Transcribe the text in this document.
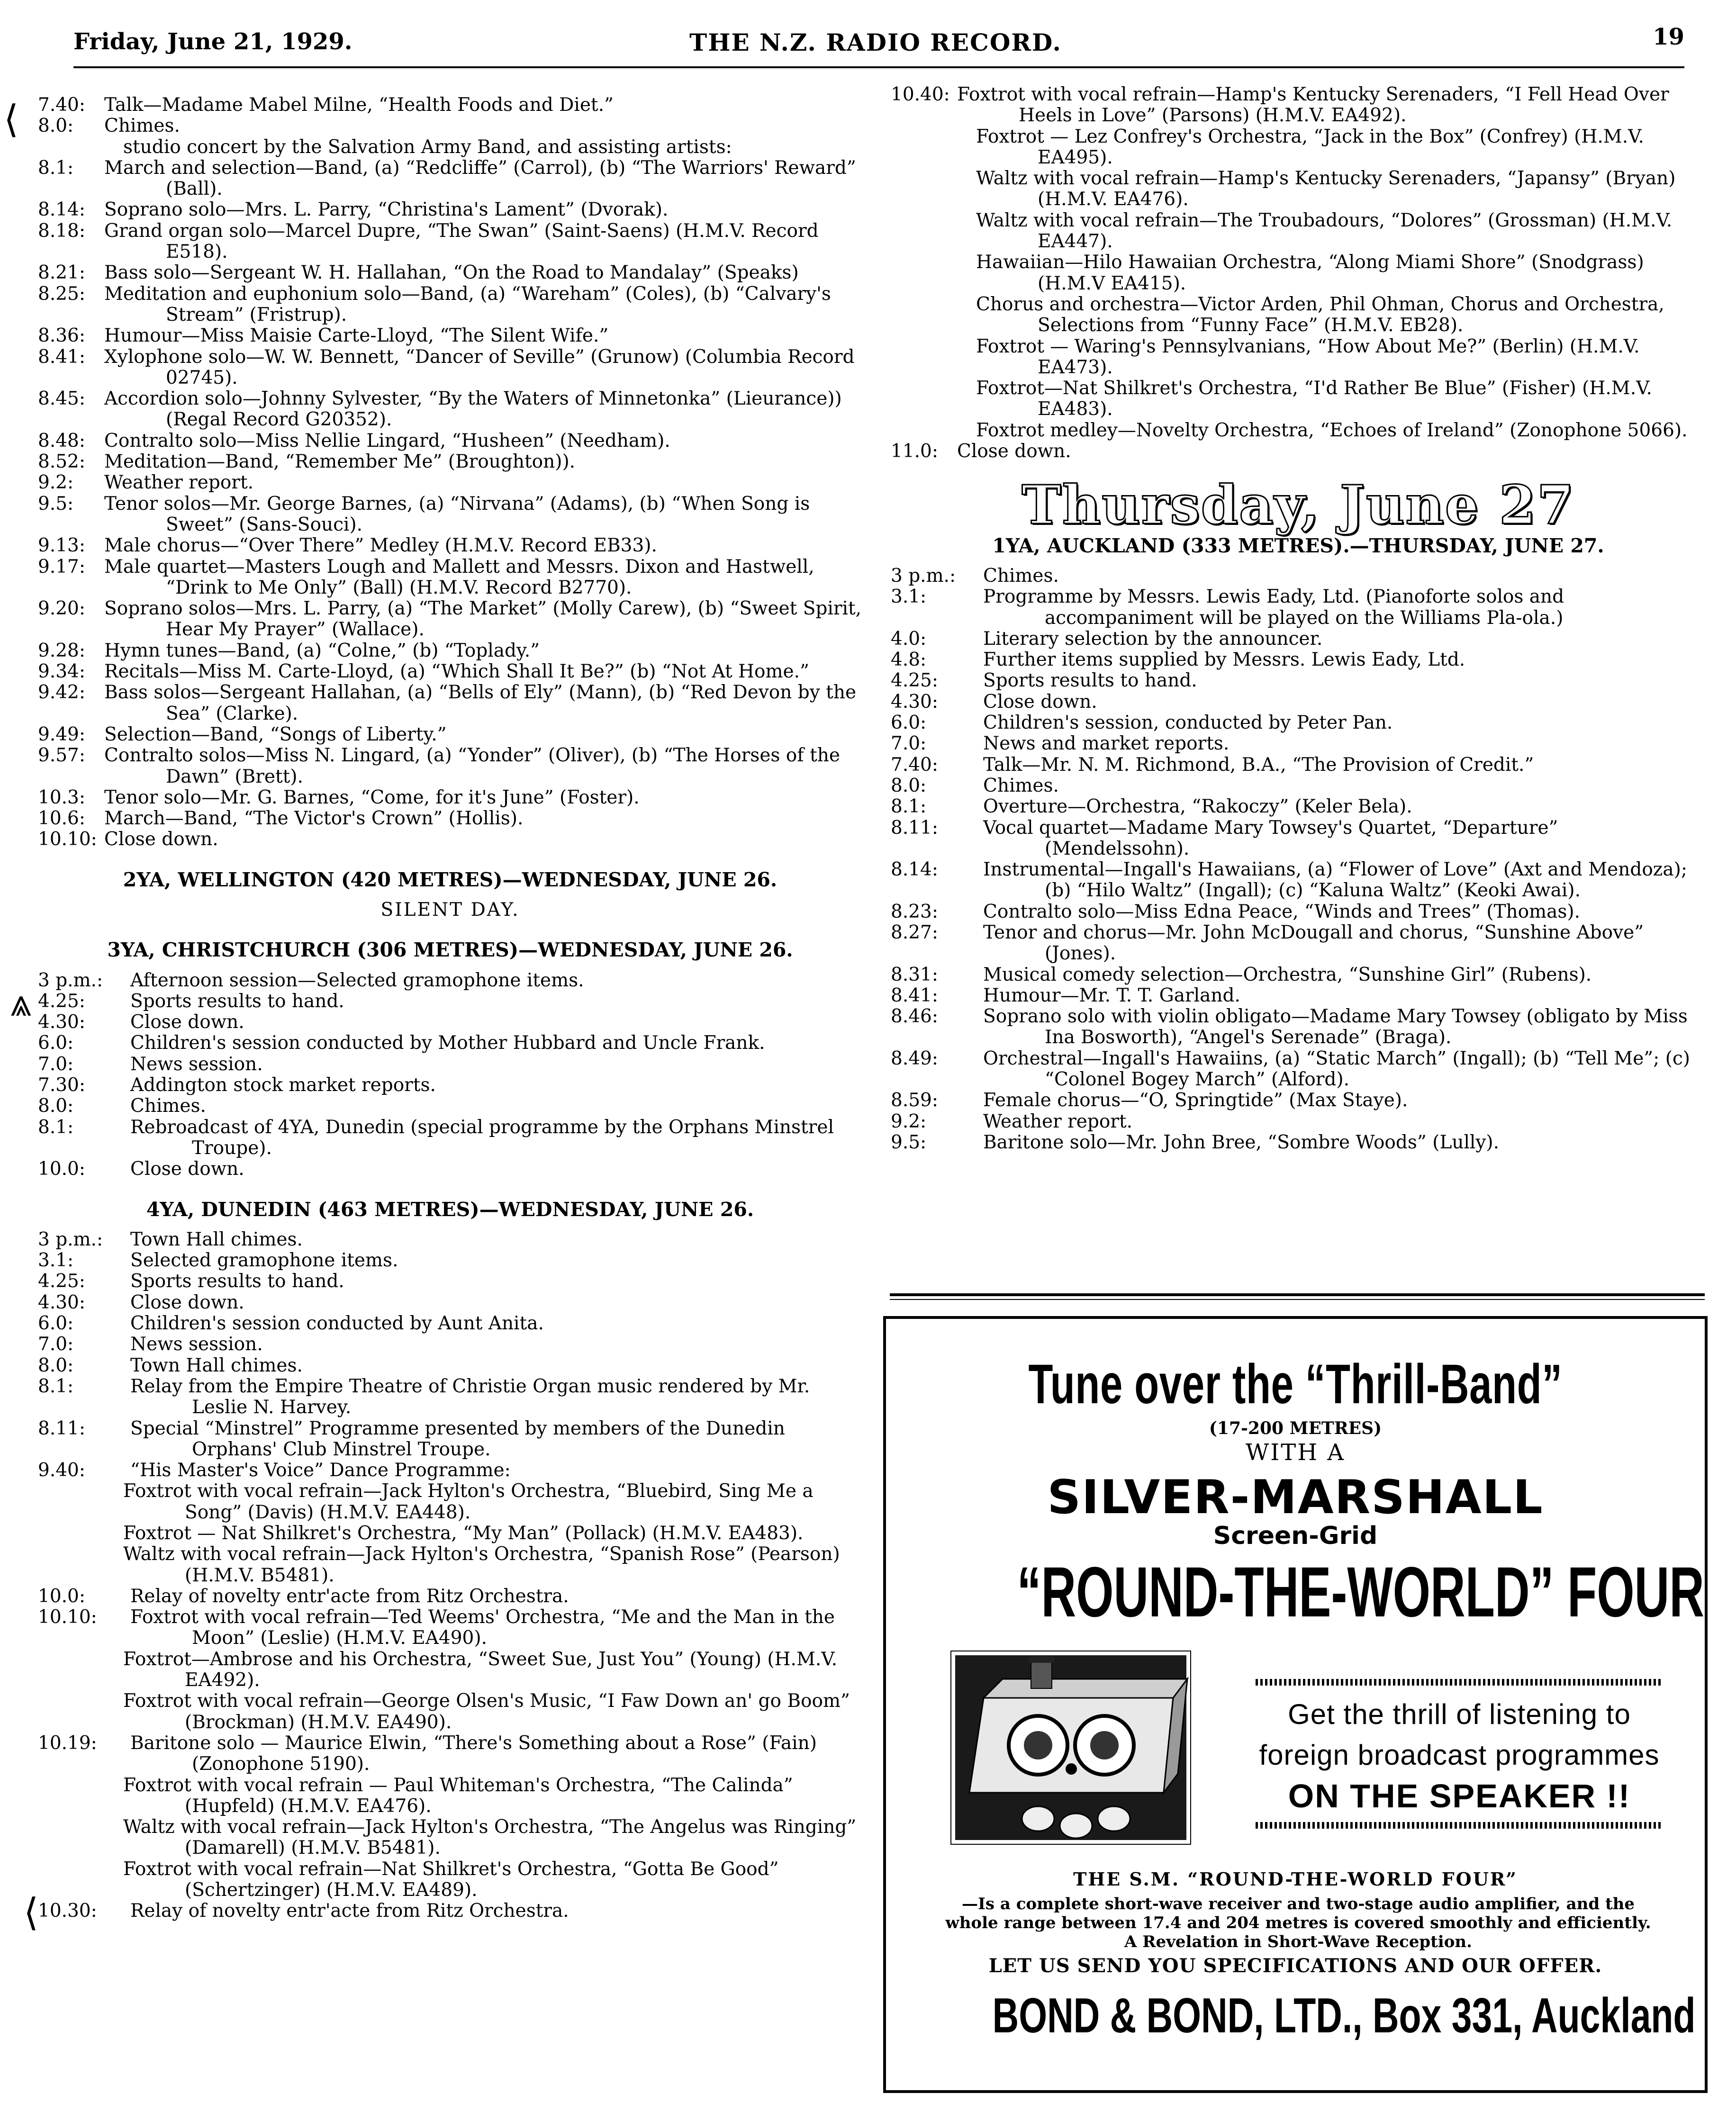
Friday, June 21, 1929.	THE N.Z. RADIO RECORD.	19
⟨
⩓
⟨
7.40:	Talk—Madame Mabel Milne, “Health Foods and Diet.”
8.0:	Chimes.
studio concert by the Salvation Army Band, and assisting artists:
8.1:	March and selection—Band, (a) “Redcliffe” (Carrol), (b) “The Warriors' Reward” (Ball).
8.14:	Soprano solo—Mrs. L. Parry, “Christina's Lament” (Dvorak).
8.18:	Grand organ solo—Marcel Dupre, “The Swan” (Saint-Saens) (H.M.V. Record E518).
8.21:	Bass solo—Sergeant W. H. Hallahan, “On the Road to Mandalay” (Speaks)
8.25:	Meditation and euphonium solo—Band, (a) “Wareham” (Coles), (b) “Calvary's Stream” (Fristrup).
8.36:	Humour—Miss Maisie Carte-Lloyd, “The Silent Wife.”
8.41:	Xylophone solo—W. W. Bennett, “Dancer of Seville” (Grunow) (Columbia Record 02745).
8.45:	Accordion solo—Johnny Sylvester, “By the Waters of Minnetonka” (Lieurance)) (Regal Record G20352).
8.48:	Contralto solo—Miss Nellie Lingard, “Husheen” (Needham).
8.52:	Meditation—Band, “Remember Me” (Broughton)).
9.2:	Weather report.
9.5:	Tenor solos—Mr. George Barnes, (a) “Nirvana” (Adams), (b) “When Song is Sweet” (Sans-Souci).
9.13:	Male chorus—“Over There” Medley (H.M.V. Record EB33).
9.17:	Male quartet—Masters Lough and Mallett and Messrs. Dixon and Hastwell, “Drink to Me Only” (Ball) (H.M.V. Record B2770).
9.20:	Soprano solos—Mrs. L. Parry, (a) “The Market” (Molly Carew), (b) “Sweet Spirit, Hear My Prayer” (Wallace).
9.28:	Hymn tunes—Band, (a) “Colne,” (b) “Toplady.”
9.34:	Recitals—Miss M. Carte-Lloyd, (a) “Which Shall It Be?” (b) “Not At Home.”
9.42:	Bass solos—Sergeant Hallahan, (a) “Bells of Ely” (Mann), (b) “Red Devon by the Sea” (Clarke).
9.49:	Selection—Band, “Songs of Liberty.”
9.57:	Contralto solos—Miss N. Lingard, (a) “Yonder” (Oliver), (b) “The Horses of the Dawn” (Brett).
10.3:	Tenor solo—Mr. G. Barnes, “Come, for it's June” (Foster).
10.6:	March—Band, “The Victor's Crown” (Hollis).
10.10: Close down.
2YA, WELLINGTON (420 METRES)—WEDNESDAY, JUNE 26.
SILENT DAY.
3YA, CHRISTCHURCH (306 METRES)—WEDNESDAY, JUNE 26.
3 p.m.:	Afternoon session—Selected gramophone items.
4.25:	Sports results to hand.
4.30:	Close down.
6.0:	Children's session conducted by Mother Hubbard and Uncle Frank.
7.0:	News session.
7.30:	Addington stock market reports.
8.0:	Chimes.
8.1:	Rebroadcast of 4YA, Dunedin (special programme by the Orphans Minstrel Troupe).
10.0:	Close down.
4YA, DUNEDIN (463 METRES)—WEDNESDAY, JUNE 26.
3 p.m.:	Town Hall chimes.
3.1:	Selected gramophone items.
4.25:	Sports results to hand.
4.30:	Close down.
6.0:	Children's session conducted by Aunt Anita.
7.0:	News session.
8.0:	Town Hall chimes.
8.1:	Relay from the Empire Theatre of Christie Organ music rendered by Mr. Leslie N. Harvey.
8.11:	Special “Minstrel” Programme presented by members of the Dunedin Orphans' Club Minstrel Troupe.
9.40:	“His Master's Voice” Dance Programme:
Foxtrot with vocal refrain—Jack Hylton's Orchestra, “Bluebird, Sing Me a Song” (Davis) (H.M.V. EA448).
Foxtrot — Nat Shilkret's Orchestra, “My Man” (Pollack) (H.M.V. EA483).
Waltz with vocal refrain—Jack Hylton's Orchestra, “Spanish Rose” (Pearson) (H.M.V. B5481).
10.0:	Relay of novelty entr'acte from Ritz Orchestra.
10.10:	Foxtrot with vocal refrain—Ted Weems' Orchestra, “Me and the Man in the Moon” (Leslie) (H.M.V. EA490).
Foxtrot—Ambrose and his Orchestra, “Sweet Sue, Just You” (Young) (H.M.V. EA492).
Foxtrot with vocal refrain—George Olsen's Music, “I Faw Down an' go Boom” (Brockman) (H.M.V. EA490).
10.19:	Baritone solo — Maurice Elwin, “There's Something about a Rose” (Fain) (Zonophone 5190).
Foxtrot with vocal refrain — Paul Whiteman's Orchestra, “The Calinda” (Hupfeld) (H.M.V. EA476).
Waltz with vocal refrain—Jack Hylton's Orchestra, “The Angelus was Ringing” (Damarell) (H.M.V. B5481).
Foxtrot with vocal refrain—Nat Shilkret's Orchestra, “Gotta Be Good” (Schertzinger) (H.M.V. EA489).
10.30:	Relay of novelty entr'acte from Ritz Orchestra.
10.40: Foxtrot with vocal refrain—Hamp's Kentucky Serenaders, “I Fell Head Over Heels in Love” (Parsons) (H.M.V. EA492).
Foxtrot — Lez Confrey's Orchestra, “Jack in the Box” (Confrey) (H.M.V. EA495).
Waltz with vocal refrain—Hamp's Kentucky Serenaders, “Japansy” (Bryan) (H.M.V. EA476).
Waltz with vocal refrain—The Troubadours, “Dolores” (Grossman) (H.M.V. EA447).
Hawaiian—Hilo Hawaiian Orchestra, “Along Miami Shore” (Snodgrass) (H.M.V EA415).
Chorus and orchestra—Victor Arden, Phil Ohman, Chorus and Orchestra, Selections from “Funny Face” (H.M.V. EB28).
Foxtrot — Waring's Pennsylvanians, “How About Me?” (Berlin) (H.M.V. EA473).
Foxtrot—Nat Shilkret's Orchestra, “I'd Rather Be Blue” (Fisher) (H.M.V. EA483).
Foxtrot medley—Novelty Orchestra, “Echoes of Ireland” (Zonophone 5066).
11.0:	Close down.
Thursday, June 27
1YA, AUCKLAND (333 METRES).—THURSDAY, JUNE 27.
3 p.m.:	Chimes.
3.1:	Programme by Messrs. Lewis Eady, Ltd. (Pianoforte solos and accompaniment will be played on the Williams Pla-ola.)
4.0:	Literary selection by the announcer.
4.8:	Further items supplied by Messrs. Lewis Eady, Ltd.
4.25:	Sports results to hand.
4.30:	Close down.
6.0:	Children's session, conducted by Peter Pan.
7.0:	News and market reports.
7.40:	Talk—Mr. N. M. Richmond, B.A., “The Provision of Credit.”
8.0:	Chimes.
8.1:	Overture—Orchestra, “Rakoczy” (Keler Bela).
8.11:	Vocal quartet—Madame Mary Towsey's Quartet, “Departure” (Mendelssohn).
8.14:	Instrumental—Ingall's Hawaiians, (a) “Flower of Love” (Axt and Mendoza); (b) “Hilo Waltz” (Ingall); (c) “Kaluna Waltz” (Keoki Awai).
8.23:	Contralto solo—Miss Edna Peace, “Winds and Trees” (Thomas).
8.27:	Tenor and chorus—Mr. John McDougall and chorus, “Sunshine Above” (Jones).
8.31:	Musical comedy selection—Orchestra, “Sunshine Girl” (Rubens).
8.41:	Humour—Mr. T. T. Garland.
8.46:	Soprano solo with violin obligato—Madame Mary Towsey (obligato by Miss Ina Bosworth), “Angel's Serenade” (Braga).
8.49:	Orchestral—Ingall's Hawaiins, (a) “Static March” (Ingall); (b) “Tell Me”; (c) “Colonel Bogey March” (Alford).
8.59:	Female chorus—“O, Springtide” (Max Staye).
9.2:	Weather report.
9.5:	Baritone solo—Mr. John Bree, “Sombre Woods” (Lully).
Tune over the “Thrill-Band”
(17-200 METRES)
WITH A
SILVER-MARSHALL
Screen-Grid
“ROUND-THE-WORLD” FOUR
Get the thrill of listening to
foreign broadcast programmes
ON THE SPEAKER !!
THE S.M. “ROUND-THE-WORLD FOUR”
—Is a complete short-wave receiver and two-stage audio amplifier, and the
whole range between 17.4 and 204 metres is covered smoothly and efficiently.
A Revelation in Short-Wave Reception.
LET US SEND YOU SPECIFICATIONS AND OUR OFFER.
BOND & BOND, LTD., Box 331, Auckland
